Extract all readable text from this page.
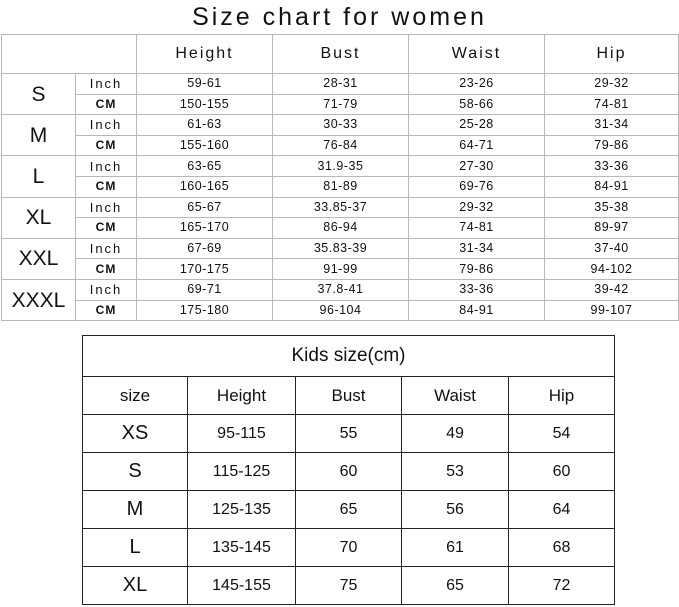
Size chart for women
		Height	Bust	Waist	Hip
S	Inch	59-61	28-31	23-26	29-32
	CM	150-155	71-79	58-66	74-81
M	Inch	61-63	30-33	25-28	31-34
	CM	155-160	76-84	64-71	79-86
L	Inch	63-65	31.9-35	27-30	33-36
	CM	160-165	81-89	69-76	84-91
XL	Inch	65-67	33.85-37	29-32	35-38
	CM	165-170	86-94	74-81	89-97
XXL	Inch	67-69	35.83-39	31-34	37-40
	CM	170-175	91-99	79-86	94-102
XXXL	Inch	69-71	37.8-41	33-36	39-42
	CM	175-180	96-104	84-91	99-107
Kids size(cm)				
size	Height	Bust	Waist	Hip
XS	95-115	55	49	54
S	115-125	60	53	60
M	125-135	65	56	64
L	135-145	70	61	68
XL	145-155	75	65	72
